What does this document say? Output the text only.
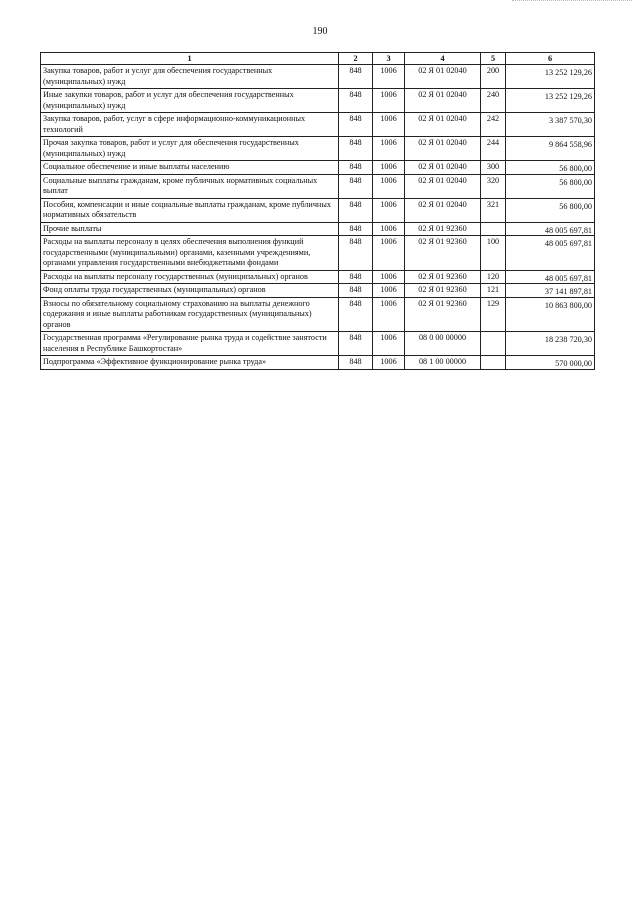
190
1	2	3	4	5	6
Закупка товаров, работ и услуг для обеспечения государственных (муниципальных) нужд	848	1006	02 Я 01 02040	200	13 252 129,26
Иные закупки товаров, работ и услуг для обеспечения государственных (муниципальных) нужд	848	1006	02 Я 01 02040	240	13 252 129,26
Закупка товаров, работ, услуг в сфере информационно-коммуникационных технологий	848	1006	02 Я 01 02040	242	3 387 570,30
Прочая закупка товаров, работ и услуг для обеспечения государственных (муниципальных) нужд	848	1006	02 Я 01 02040	244	9 864 558,96
Социальное обеспечение и иные выплаты населению	848	1006	02 Я 01 02040	300	56 800,00
Социальные выплаты гражданам, кроме публичных нормативных социальных выплат	848	1006	02 Я 01 02040	320	56 800,00
Пособия, компенсации и иные социальные выплаты гражданам, кроме публичных нормативных обязательств	848	1006	02 Я 01 02040	321	56 800,00
Прочие выплаты	848	1006	02 Я 01 92360		48 005 697,81
Расходы на выплаты персоналу в целях обеспечения выполнения функций государственными (муниципальными) органами, казенными учреждениями, органами управления государственными внебюджетными фондами	848	1006	02 Я 01 92360	100	48 005 697,81
Расходы на выплаты персоналу государственных (муниципальных) органов	848	1006	02 Я 01 92360	120	48 005 697,81
Фонд оплаты труда государственных (муниципальных) органов	848	1006	02 Я 01 92360	121	37 141 897,81
Взносы по обязательному социальному страхованию на выплаты денежного содержания и иные выплаты работникам государственных (муниципальных) органов	848	1006	02 Я 01 92360	129	10 863 800,00
Государственная программа «Регулирование рынка труда и содействие занятости населения в Республике Башкортостан»	848	1006	08 0 00 00000		18 238 720,30
Подпрограмма «Эффективное функционирование рынка труда»	848	1006	08 1 00 00000		570 000,00
